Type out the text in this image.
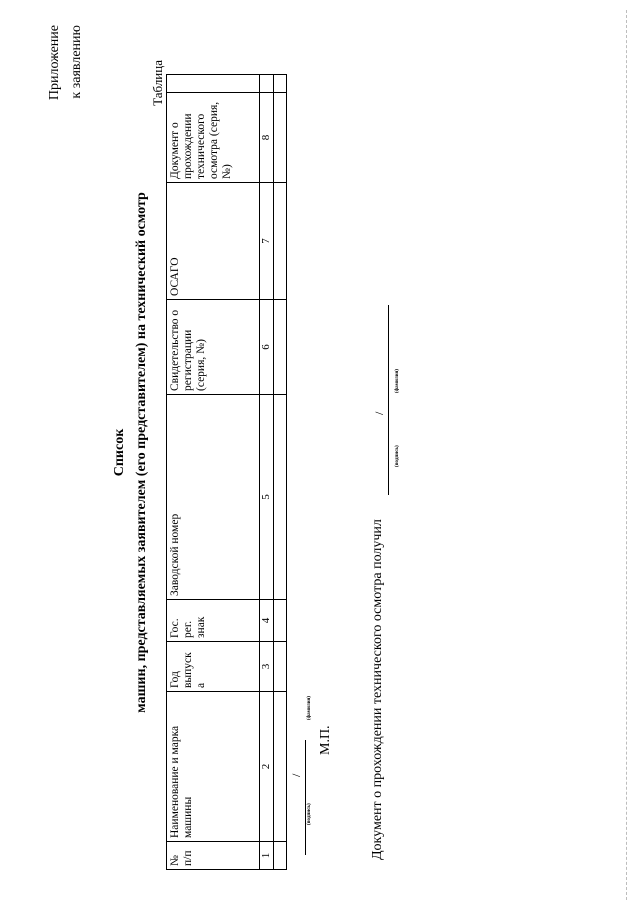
Приложение к заявлению
Список машин, представляемых заявителем (его представителем) на технический осмотр
Таблица
№ п/п	Наименование и марка машины	Год выпуск а	Гос. рег. знак	Заводской номер	Свидетельство о регистрации (серия, №)	ОСАГО	Документ о прохождении технического осмотра (серия, №)	
1	2	3	4	5	6	7	8	

/
(подпись)
(фамилия)
М.П.	Документ о прохождении технического осмотра получил
/
(подпись)
(фамилия)
